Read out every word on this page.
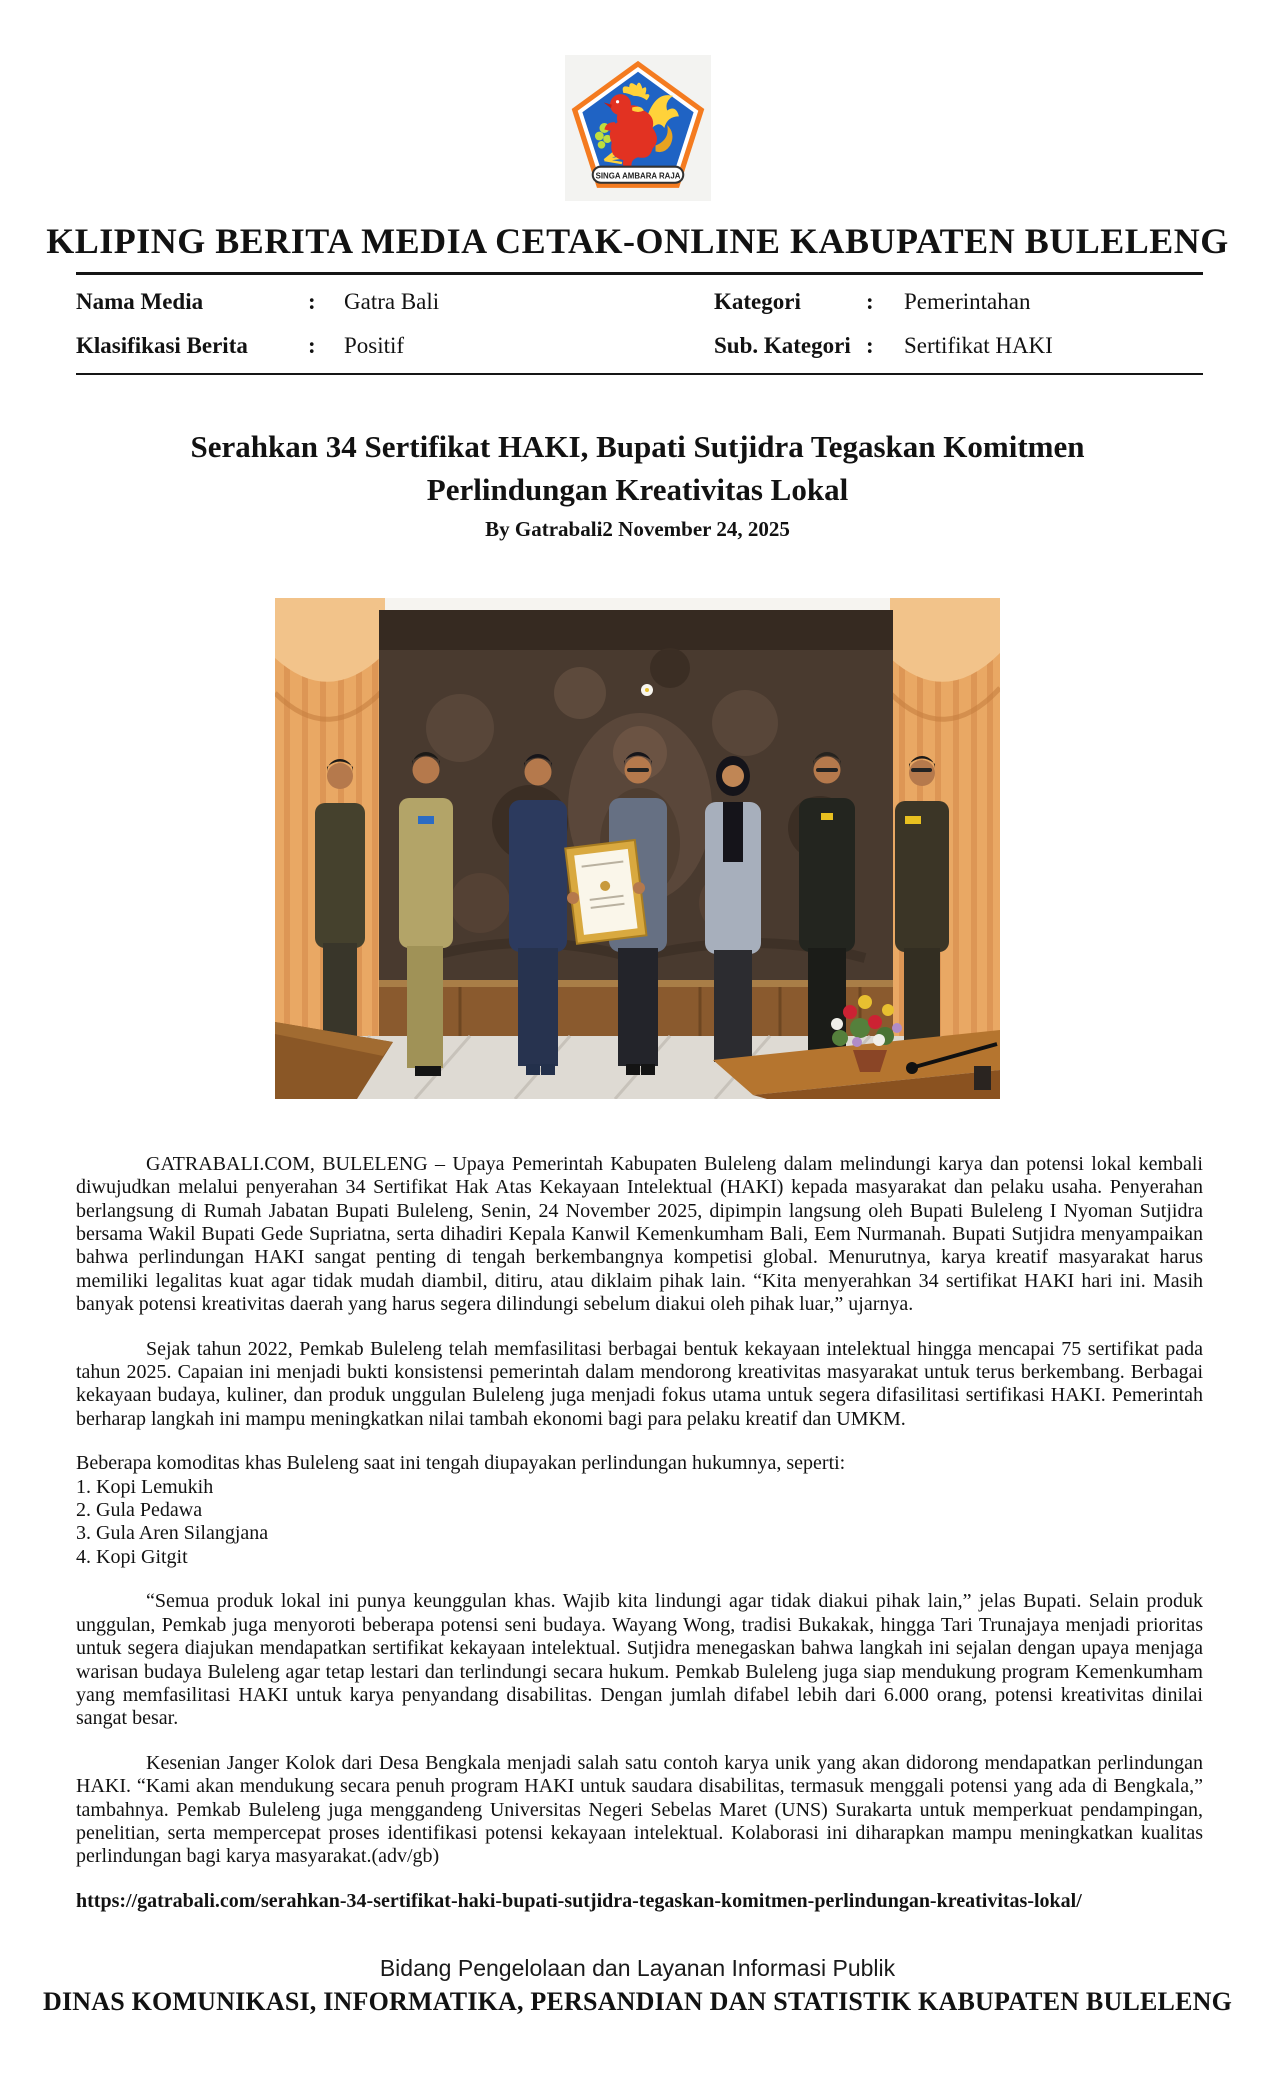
SINGA AMBARA RAJA
KLIPING BERITA MEDIA CETAK-ONLINE KABUPATEN BULELENG
Nama Media	:	Gatra Bali	Kategori	:	Pemerintahan
Klasifikasi Berita	:	Positif	Sub. Kategori :	Sertifikat HAKI
Serahkan 34 Sertifikat HAKI, Bupati Sutjidra Tegaskan Komitmen Perlindungan Kreativitas Lokal
By Gatrabali2 November 24, 2025

GATRABALI.COM, BULELENG – Upaya Pemerintah Kabupaten Buleleng dalam melindungi karya dan potensi lokal kembali diwujudkan melalui penyerahan 34 Sertifikat Hak Atas Kekayaan Intelektual (HAKI) kepada masyarakat dan pelaku usaha. Penyerahan berlangsung di Rumah Jabatan Bupati Buleleng, Senin, 24 November 2025, dipimpin langsung oleh Bupati Buleleng I Nyoman Sutjidra bersama Wakil Bupati Gede Supriatna, serta dihadiri Kepala Kanwil Kemenkumham Bali, Eem Nurmanah. Bupati Sutjidra menyampaikan bahwa perlindungan HAKI sangat penting di tengah berkembangnya kompetisi global. Menurutnya, karya kreatif masyarakat harus memiliki legalitas kuat agar tidak mudah diambil, ditiru, atau diklaim pihak lain. “Kita menyerahkan 34 sertifikat HAKI hari ini. Masih banyak potensi kreativitas daerah yang harus segera dilindungi sebelum diakui oleh pihak luar,” ujarnya.

Sejak tahun 2022, Pemkab Buleleng telah memfasilitasi berbagai bentuk kekayaan intelektual hingga mencapai 75 sertifikat pada tahun 2025. Capaian ini menjadi bukti konsistensi pemerintah dalam mendorong kreativitas masyarakat untuk terus berkembang. Berbagai kekayaan budaya, kuliner, dan produk unggulan Buleleng juga menjadi fokus utama untuk segera difasilitasi sertifikasi HAKI. Pemerintah berharap langkah ini mampu meningkatkan nilai tambah ekonomi bagi para pelaku kreatif dan UMKM.

Beberapa komoditas khas Buleleng saat ini tengah diupayakan perlindungan hukumnya, seperti:
1. Kopi Lemukih
2. Gula Pedawa
3. Gula Aren Silangjana
4. Kopi Gitgit

“Semua produk lokal ini punya keunggulan khas. Wajib kita lindungi agar tidak diakui pihak lain,” jelas Bupati. Selain produk unggulan, Pemkab juga menyoroti beberapa potensi seni budaya. Wayang Wong, tradisi Bukakak, hingga Tari Trunajaya menjadi prioritas untuk segera diajukan mendapatkan sertifikat kekayaan intelektual. Sutjidra menegaskan bahwa langkah ini sejalan dengan upaya menjaga warisan budaya Buleleng agar tetap lestari dan terlindungi secara hukum. Pemkab Buleleng juga siap mendukung program Kemenkumham yang memfasilitasi HAKI untuk karya penyandang disabilitas. Dengan jumlah difabel lebih dari 6.000 orang, potensi kreativitas dinilai sangat besar.

Kesenian Janger Kolok dari Desa Bengkala menjadi salah satu contoh karya unik yang akan didorong mendapatkan perlindungan HAKI. “Kami akan mendukung secara penuh program HAKI untuk saudara disabilitas, termasuk menggali potensi yang ada di Bengkala,” tambahnya. Pemkab Buleleng juga menggandeng Universitas Negeri Sebelas Maret (UNS) Surakarta untuk memperkuat pendampingan, penelitian, serta mempercepat proses identifikasi potensi kekayaan intelektual. Kolaborasi ini diharapkan mampu meningkatkan kualitas perlindungan bagi karya masyarakat.(adv/gb)

https://gatrabali.com/serahkan-34-sertifikat-haki-bupati-sutjidra-tegaskan-komitmen-perlindungan-kreativitas-lokal/
Bidang Pengelolaan dan Layanan Informasi Publik
DINAS KOMUNIKASI, INFORMATIKA, PERSANDIAN DAN STATISTIK KABUPATEN BULELENG
